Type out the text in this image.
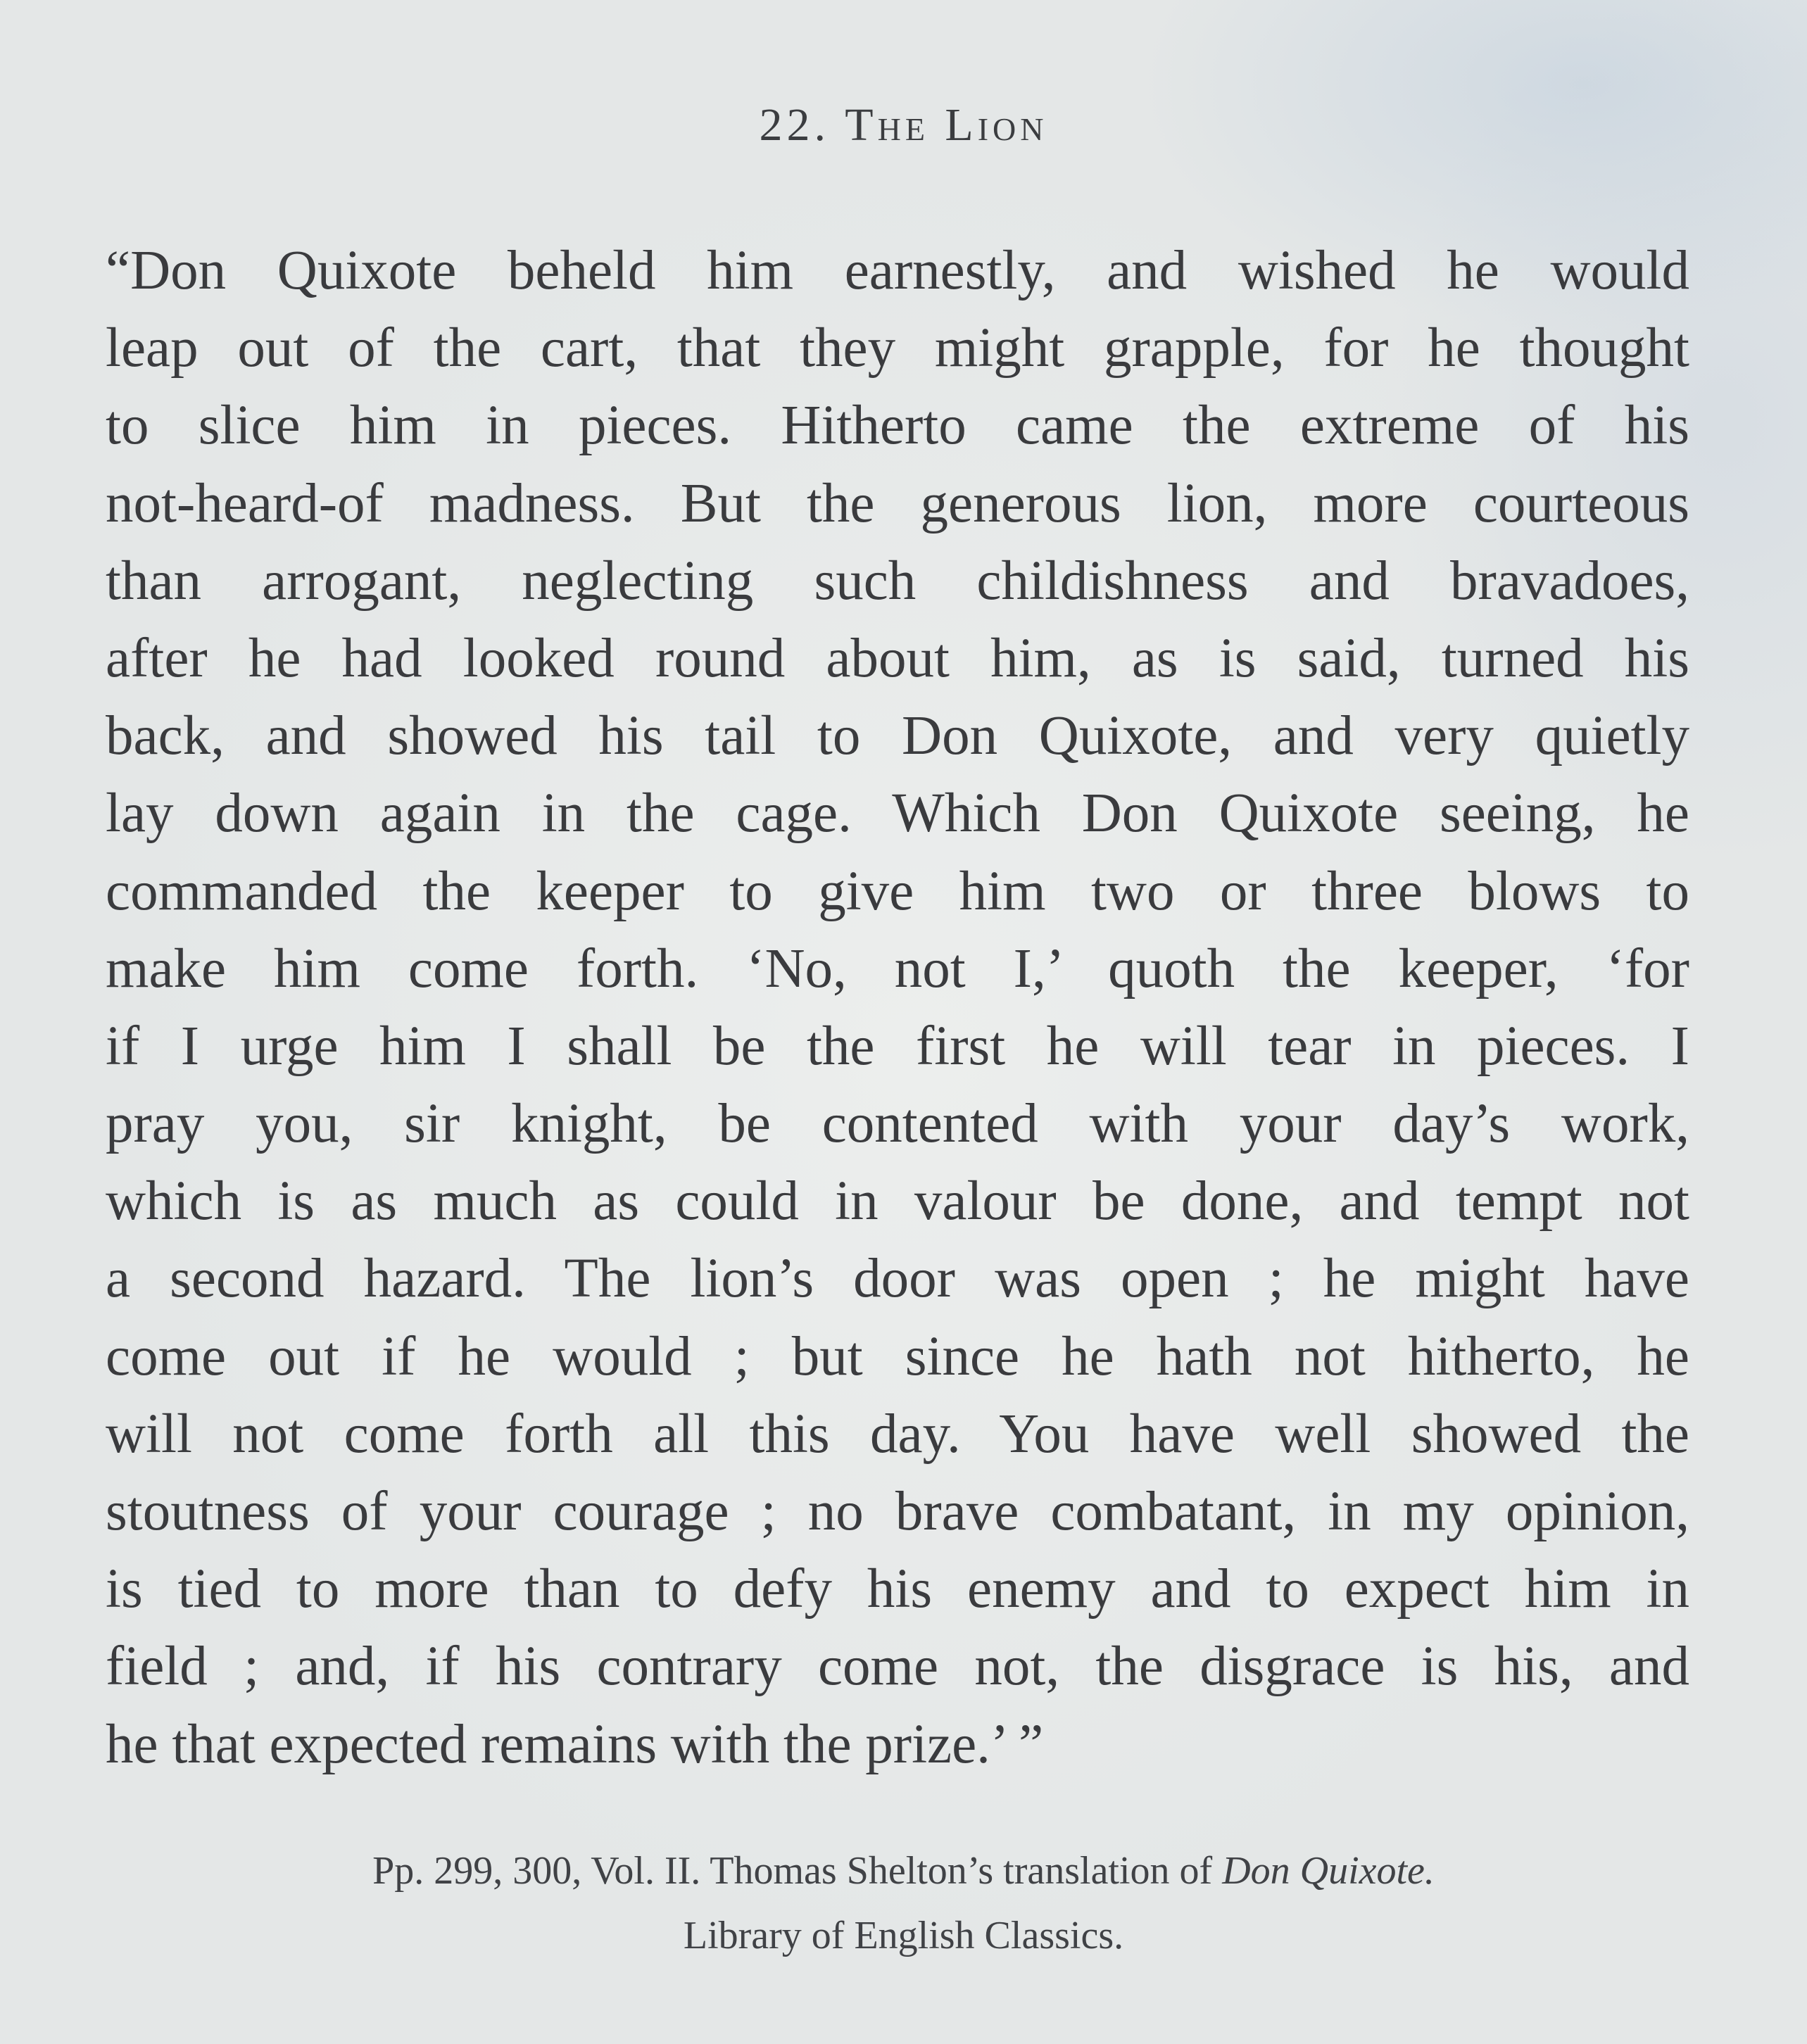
22. The Lion
“Don Quixote beheld him earnestly, and wished he would
leap out of the cart, that they might grapple, for he thought
to slice him in pieces. Hitherto came the extreme of his
not-heard-of madness. But the generous lion, more courteous
than arrogant, neglecting such childishness and bravadoes,
after he had looked round about him, as is said, turned his
back, and showed his tail to Don Quixote, and very quietly
lay down again in the cage. Which Don Quixote seeing, he
commanded the keeper to give him two or three blows to
make him come forth. ‘No, not I,’ quoth the keeper, ‘for
if I urge him I shall be the first he will tear in pieces. I
pray you, sir knight, be contented with your day’s work,
which is as much as could in valour be done, and tempt not
a second hazard. The lion’s door was open ; he might have
come out if he would ; but since he hath not hitherto, he
will not come forth all this day. You have well showed the
stoutness of your courage ; no brave combatant, in my opinion,
is tied to more than to defy his enemy and to expect him in
field ; and, if his contrary come not, the disgrace is his, and
he that expected remains with the prize.’ ”
Pp. 299, 300, Vol. II. Thomas Shelton’s translation of Don Quixote.
Library of English Classics.
